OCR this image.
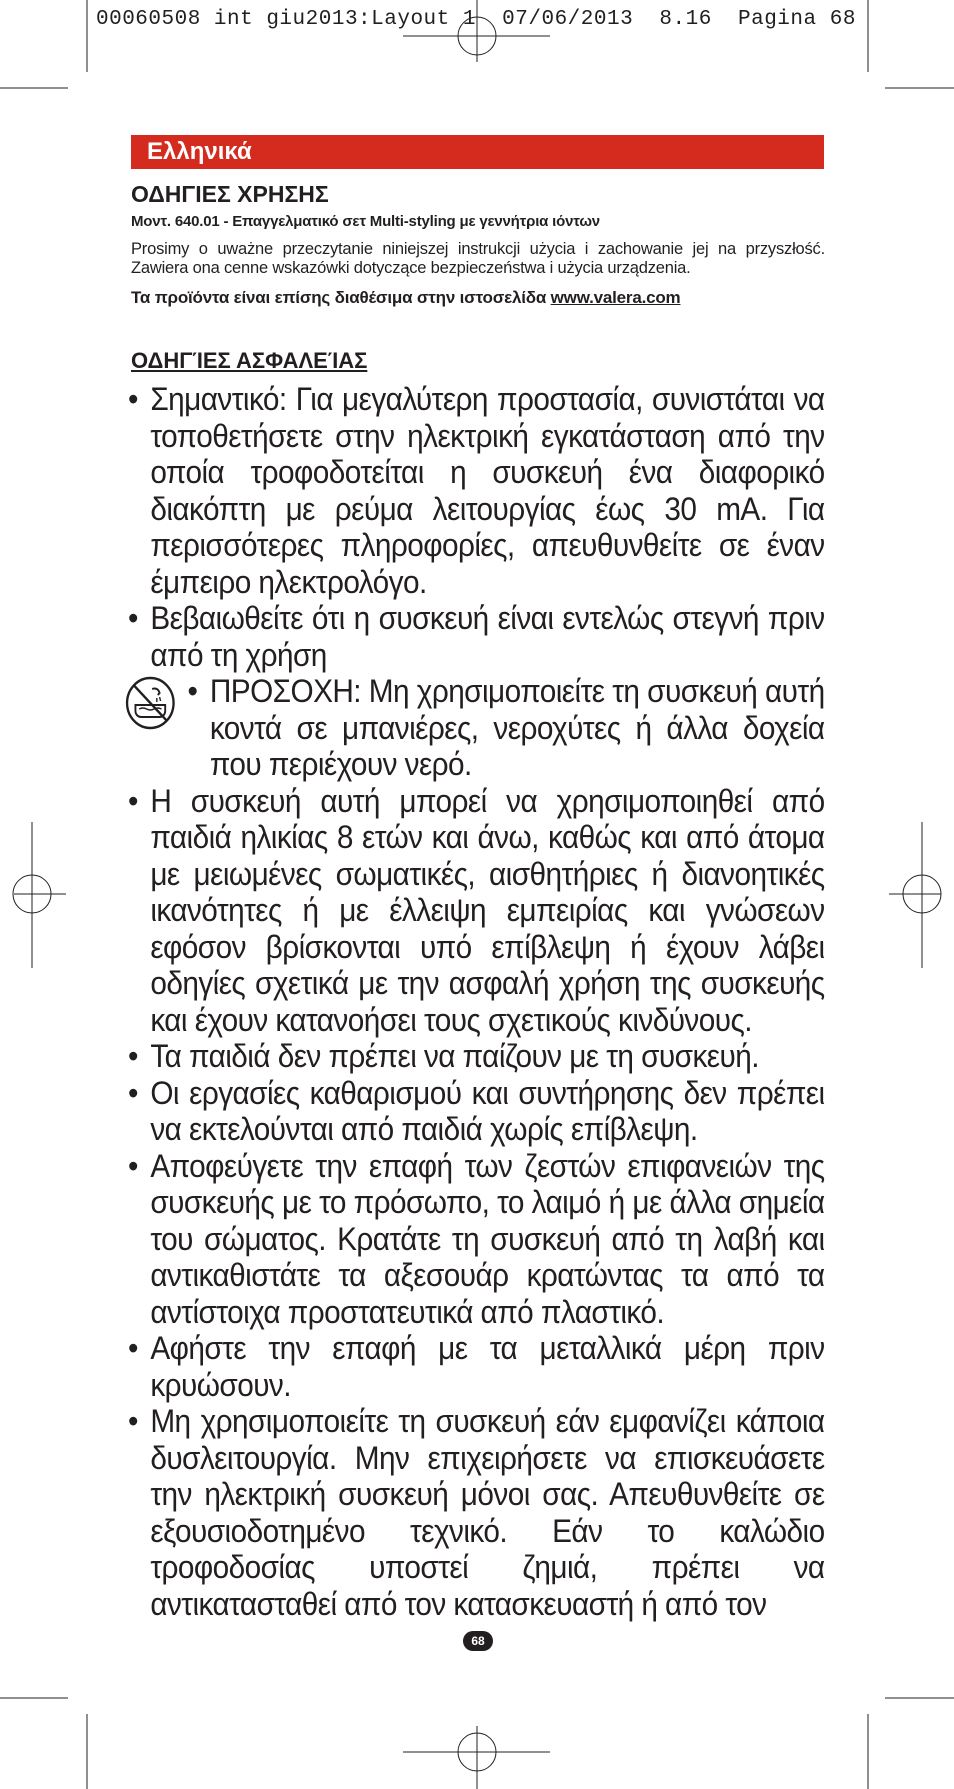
00060508 int giu2013:Layout 1  07/06/2013  8.16  Pagina 68
Ελληνικά
ΟΔΗΓΙΕΣ ΧΡΗΣΗΣ
Μοντ. 640.01 - Επαγγελματικό σετ Multi-styling με γεννήτρια ιόντων
Prosimy o uważne przeczytanie niniejszej instrukcji użycia i zachowanie jej na przyszłość. Zawiera ona cenne wskazówki dotyczące bezpieczeństwa i użycia urządzenia.
Τα προϊόντα είναι επίσης διαθέσιμα στην ιστοσελίδα www.valera.com
ΟΔΗΓΊΕΣ ΑΣΦΑΛΕΊΑΣ
• Σημαντικό: Για μεγαλύτερη προστασία, συνιστάται να τοποθετήσετε στην ηλεκτρική εγκατάσταση από την οποία τροφοδοτείται η συσκευή ένα διαφορικό διακόπτη με ρεύμα λειτουργίας έως 30 mA. Για περισσότερες πληροφορίες, απευθυνθείτε σε έναν έμπειρο ηλεκτρολόγο.
• Βεβαιωθείτε ότι η συσκευή είναι εντελώς στεγνή πριν από τη χρήση
• ΠΡΟΣΟΧΗ: Μη χρησιμοποιείτε τη συσκευή αυτή κοντά σε μπανιέρες, νεροχύτες ή άλλα δοχεία που περιέχουν νερό.
• Η συσκευή αυτή μπορεί να χρησιμοποιηθεί από παιδιά ηλικίας 8 ετών και άνω, καθώς και από άτομα με μειωμένες σωματικές, αισθητήριες ή διανοητικές ικανότητες ή με έλλειψη εμπειρίας και γνώσεων εφόσον βρίσκονται υπό επίβλεψη ή έχουν λάβει οδηγίες σχετικά με την ασφαλή χρήση της συσκευής και έχουν κατανοήσει τους σχετικούς κινδύνους.
• Τα παιδιά δεν πρέπει να παίζουν με τη συσκευή.
• Οι εργασίες καθαρισμού και συντήρησης δεν πρέπει να εκτελούνται από παιδιά χωρίς επίβλεψη.
• Αποφεύγετε την επαφή των ζεστών επιφανειών της συσκευής με το πρόσωπο, το λαιμό ή με άλλα σημεία του σώματος. Κρατάτε τη συσκευή από τη λαβή και αντικαθιστάτε τα αξεσουάρ κρατώντας τα από τα αντίστοιχα προστατευτικά από πλαστικό.
• Αφήστε την επαφή με τα μεταλλικά μέρη πριν κρυώσουν.
• Μη χρησιμοποιείτε τη συσκευή εάν εμφανίζει κάποια δυσλειτουργία. Μην επιχειρήσετε να επισκευάσετε την ηλεκτρική συσκευή μόνοι σας. Απευθυνθείτε σε εξουσιοδοτημένο τεχνικό. Εάν το καλώδιο τροφοδοσίας υποστεί ζημιά, πρέπει να αντικατασταθεί από τον κατασκευαστή ή από τον
68
